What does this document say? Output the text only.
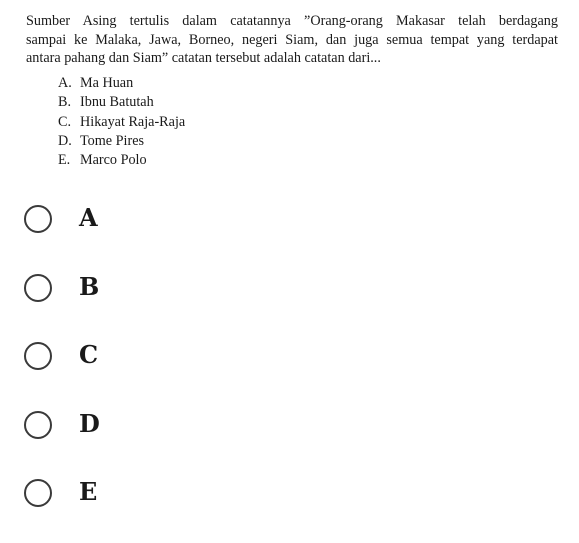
Sumber Asing tertulis dalam catatannya ”Orang-orang Makasar telah berdagang
sampai ke Malaka, Jawa, Borneo, negeri Siam, dan juga semua tempat yang terdapat
antara pahang dan Siam” catatan tersebut adalah catatan dari...
A. Ma Huan
B. Ibnu Batutah
C. Hikayat Raja-Raja
D. Tome Pires
E. Marco Polo
A
B
C
D
E
